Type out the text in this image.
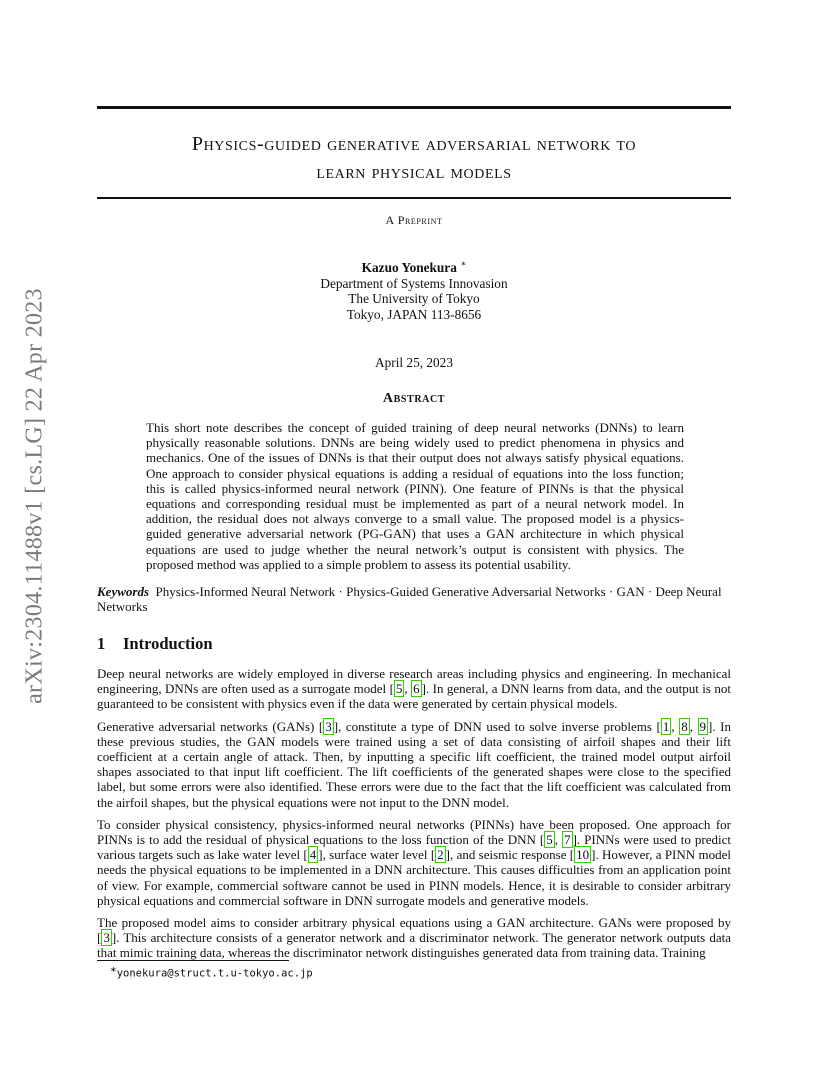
arXiv:2304.11488v1 [cs.LG] 22 Apr 2023
Physics-guided generative adversarial network to
learn physical models
A Preprint
Kazuo Yonekura ∗
Department of Systems Innovasion
The University of Tokyo
Tokyo, JAPAN 113-8656
April 25, 2023
Abstract
This short note describes the concept of guided training of deep neural networks (DNNs) to learn physically reasonable solutions. DNNs are being widely used to predict phenomena in physics and mechanics. One of the issues of DNNs is that their output does not always satisfy physical equations. One approach to consider physical equations is adding a residual of equations into the loss function; this is called physics-informed neural network (PINN). One feature of PINNs is that the physical equations and corresponding residual must be implemented as part of a neural network model. In addition, the residual does not always converge to a small value. The proposed model is a physics-guided generative adversarial network (PG-GAN) that uses a GAN architecture in which physical equations are used to judge whether the neural network’s output is consistent with physics. The proposed method was applied to a simple problem to assess its potential usability.
Keywords Physics-Informed Neural Network · Physics-Guided Generative Adversarial Networks · GAN · Deep Neural Networks
1 Introduction

Deep neural networks are widely employed in diverse research areas including physics and engineering. In mechanical engineering, DNNs are often used as a surrogate model [ 5 , 6 ]. In general, a DNN learns from data, and the output is not guaranteed to be consistent with physics even if the data were generated by certain physical models.

Generative adversarial networks (GANs) [ 3 ], constitute a type of DNN used to solve inverse problems [ 1 , 8 , 9 ]. In these previous studies, the GAN models were trained using a set of data consisting of airfoil shapes and their lift coefficient at a certain angle of attack. Then, by inputting a specific lift coefficient, the trained model output airfoil shapes associated to that input lift coefficient. The lift coefficients of the generated shapes were close to the specified label, but some errors were also identified. These errors were due to the fact that the lift coefficient was calculated from the airfoil shapes, but the physical equations were not input to the DNN model.

To consider physical consistency, physics-informed neural networks (PINNs) have been proposed. One approach for PINNs is to add the residual of physical equations to the loss function of the DNN [ 5 , 7 ]. PINNs were used to predict various targets such as lake water level [ 4 ], surface water level [ 2 ], and seismic response [ 10 ]. However, a PINN model needs the physical equations to be implemented in a DNN architecture. This causes difficulties from an application point of view. For example, commercial software cannot be used in PINN models. Hence, it is desirable to consider arbitrary physical equations and commercial software in DNN surrogate models and generative models.

The proposed model aims to consider arbitrary physical equations using a GAN architecture. GANs were proposed by [ 3 ]. This architecture consists of a generator network and a discriminator network. The generator network outputs data that mimic training data, whereas the discriminator network distinguishes generated data from training data. Training

∗yonekura@struct.t.u-tokyo.ac.jp
